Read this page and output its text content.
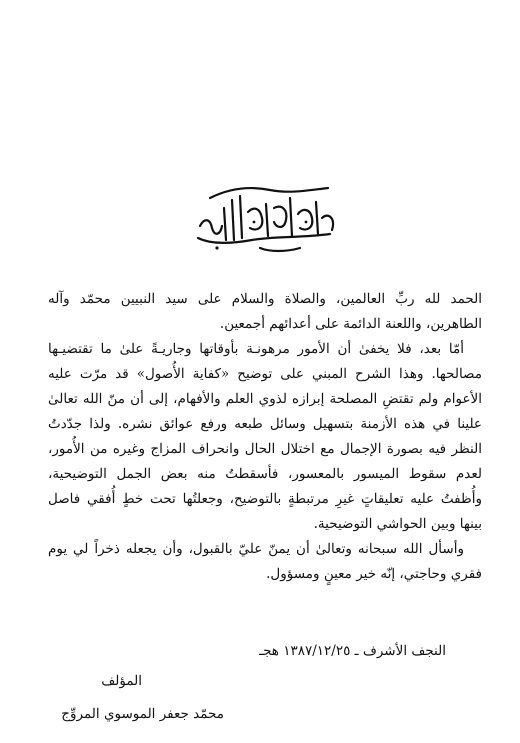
الحمد لله ربِّ العالمين، والصلاة والسلام على سيد النبيين محمّد وآله الطاهرين، واللعنة الدائمة على أعدائهم أجمعين.

أمّا بعد، فلا يخفىٰ أن الأمور مرهونـة بأوقاتها وجاريـةً علىٰ ما تقتضيـها مصالحها. وهذا الشرح المبني على توضيح «كفاية الأُصول» قد مرّت عليه الأعوام ولم تقتضِ المصلحة إبرازه لذوي العلم والأفهام، إلى أن منّ الله تعالىٰ علينا في هذه الأزمنة بتسهيل وسائل طبعه ورفع عوائق نشره. ولذا جدّدتُ النظر فيه بصورة الإجمال مع اختلال الحال وانحراف المزاج وغيره من الأُمور، لعدم سقوط الميسور بالمعسور، فأسقطتُ منه بعض الجمل التوضيحية، وأُظفتُ عليه تعليقاتٍ غيرِ مرتبطةٍ بالتوضيح، وجعلتُها تحت خطٍ أُفقي فاصل بينها وبين الحواشي التوضيحية.

وأسأل الله سبحانه وتعالىٰ أن يمنّ عليّ بالقبول، وأن يجعله ذخراً لي يوم فقري وحاجتي، إنّه خير معينٍ ومسؤول.

النجف الأشرف ـ ١٣٨٧/١٢/٢٥ هجـ
المؤلف
محمّد جعفر الموسوي المروِّج
